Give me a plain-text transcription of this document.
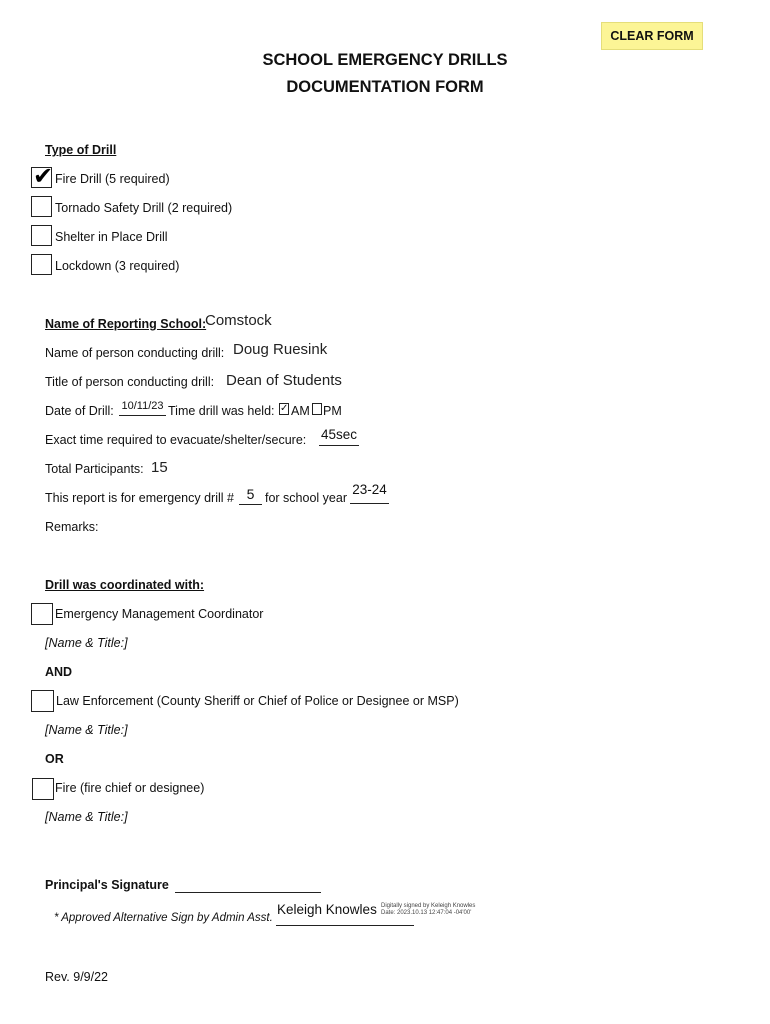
CLEAR FORM
SCHOOL EMERGENCY DRILLS
DOCUMENTATION FORM
Type of Drill
✔ Fire Drill (5 required)
Tornado Safety Drill (2 required)
Shelter in Place Drill
Lockdown (3 required)
Name of Reporting School:
Comstock
Name of person conducting drill: Doug Ruesink
Title of person conducting drill: Dean of Students
Date of Drill: 10/11/23 Time drill was held: ✓ AM PM
Exact time required to evacuate/shelter/secure: 45sec
Total Participants: 15
This report is for emergency drill # 5 for school year
23-24
Remarks:
Drill was coordinated with:
Emergency Management Coordinator
[Name & Title:]
AND
Law Enforcement (County Sheriff or Chief of Police or Designee or MSP)
[Name & Title:]
OR
Fire (fire chief or designee)
[Name & Title:]
Principal's Signature
* Approved Alternative Sign by Admin Asst.
Keleigh Knowles Digitally signed by Keleigh Knowles
Date: 2023.10.13 12:47:04 -04'00'
Rev. 9/9/22
